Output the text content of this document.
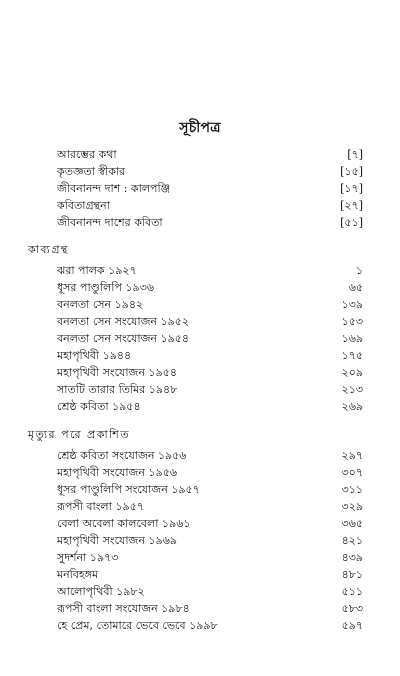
সূচীপত্র
আরম্ভের কথা	[৭]
কৃতজ্ঞতা স্বীকার	[১৫]
জীবনানন্দ দাশ : কালপঞ্জি	[১৭]
কবিতাগ্রন্থনা	[২৭]
জীবনানন্দ দাশের কবিতা	[৫১]
কাব্যগ্রন্থ
ঝরা পালক ১৯২৭	১
ধূসর পাণ্ডুলিপি ১৯৩৬	৬৫
বনলতা সেন ১৯৪২	১৩৯
বনলতা সেন সংযোজন ১৯৫২	১৫৩
বনলতা সেন সংযোজন ১৯৫৪	১৬৯
মহাপৃথিবী ১৯৪৪	১৭৫
মহাপৃথিবী সংযোজন ১৯৫৪	২০৯
সাতটি তারার তিমির ১৯৪৮	২১৩
শ্রেষ্ঠ কবিতা ১৯৫৪	২৬৯
মৃত্যুর পরে প্রকাশিত
শ্রেষ্ঠ কবিতা সংযোজন ১৯৫৬	২৯৭
মহাপৃথিবী সংযোজন ১৯৫৬	৩০৭
ধূসর পাণ্ডুলিপি সংযোজন ১৯৫৭	৩১১
রূপসী বাংলা ১৯৫৭	৩২৯
বেলা অবেলা কালবেলা ১৯৬১	৩৬৫
মহাপৃথিবী সংযোজন ১৯৬৯	৪২১
সুদর্শনা ১৯৭৩	৪৩৯
মনবিহঙ্গম	৪৮১
আলোপৃথিবী ১৯৮২	৫১১
রূপসী বাংলা সংযোজন ১৯৮৪	৫৮৩
হে প্রেম, তোমারে ভেবে ভেবে ১৯৯৮	৫৯৭
